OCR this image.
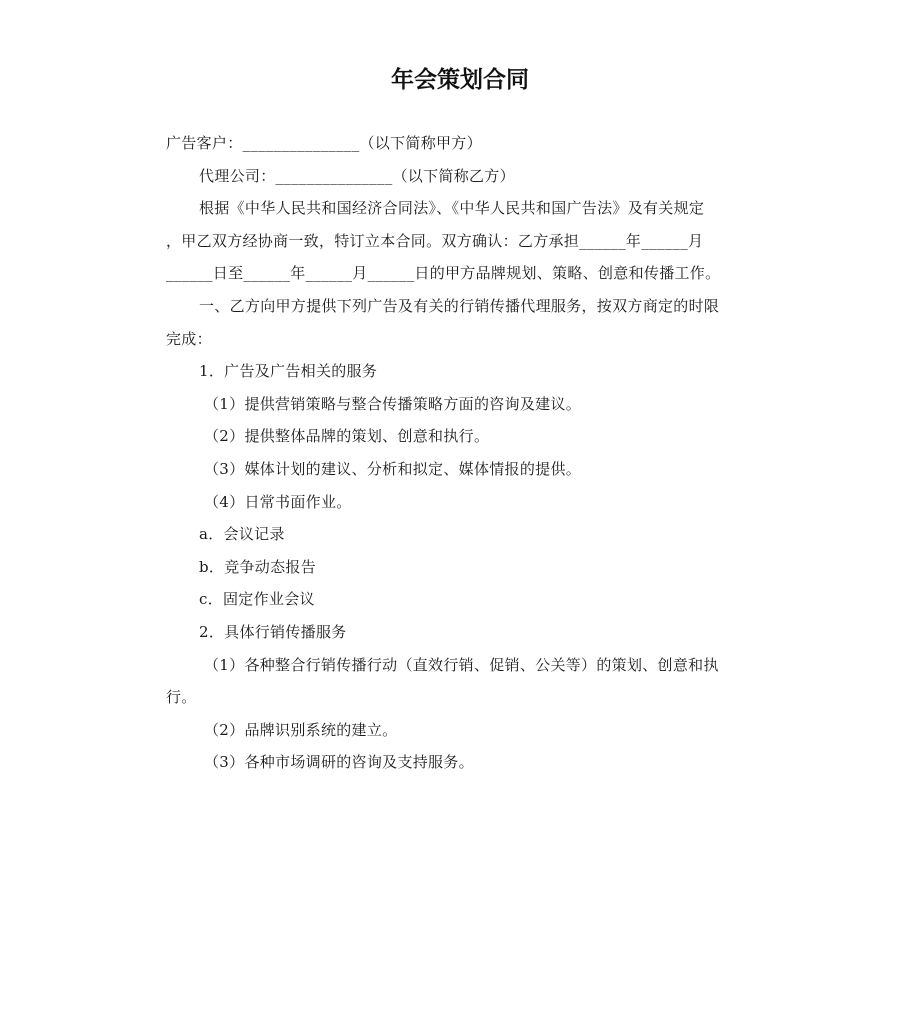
年会策划合同

广告客户：_______________（以下简称甲方）

代理公司：_______________（以下简称乙方）

根据《中华人民共和国经济合同法》、《中华人民共和国广告法》及有关规定

，甲乙双方经协商一致，特订立本合同。双方确认：乙方承担______年______月

______日至______年______月______日的甲方品牌规划、策略、创意和传播工作。

一、乙方向甲方提供下列广告及有关的行销传播代理服务，按双方商定的时限

完成：

1．广告及广告相关的服务

（1）提供营销策略与整合传播策略方面的咨询及建议。

（2）提供整体品牌的策划、创意和执行。

（3）媒体计划的建议、分析和拟定、媒体情报的提供。

（4）日常书面作业。

a．会议记录

b．竞争动态报告

c．固定作业会议

2．具体行销传播服务

（1）各种整合行销传播行动（直效行销、促销、公关等）的策划、创意和执

行。

（2）品牌识别系统的建立。

（3）各种市场调研的咨询及支持服务。
